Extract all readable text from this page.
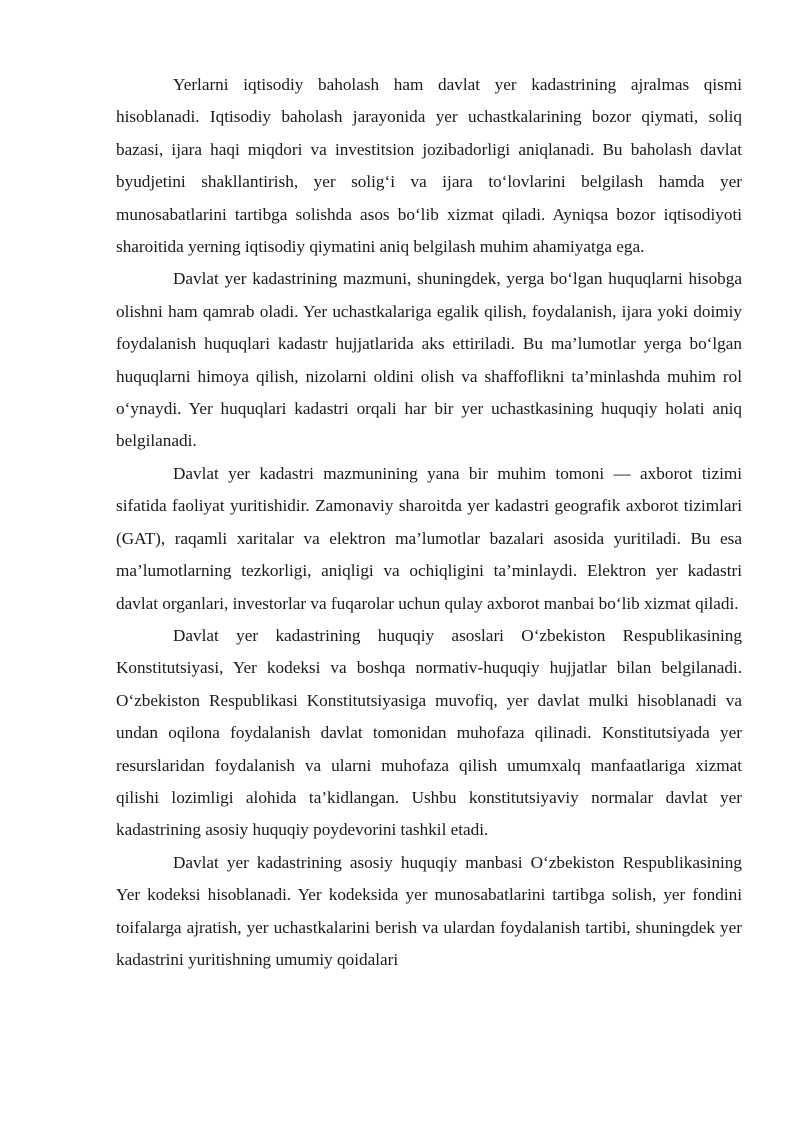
Yerlarni iqtisodiy baholash ham davlat yer kadastrining ajralmas qismi hisoblanadi. Iqtisodiy baholash jarayonida yer uchastkalarining bozor qiymati, soliq bazasi, ijara haqi miqdori va investitsion jozibadorligi aniqlanadi. Bu baholash davlat byudjetini shakllantirish, yer solig‘i va ijara to‘lovlarini belgilash hamda yer munosabatlarini tartibga solishda asos bo‘lib xizmat qiladi. Ayniqsa bozor iqtisodiyoti sharoitida yerning iqtisodiy qiymatini aniq belgilash muhim ahamiyatga ega.

Davlat yer kadastrining mazmuni, shuningdek, yerga bo‘lgan huquqlarni hisobga olishni ham qamrab oladi. Yer uchastkalariga egalik qilish, foydalanish, ijara yoki doimiy foydalanish huquqlari kadastr hujjatlarida aks ettiriladi. Bu ma’lumotlar yerga bo‘lgan huquqlarni himoya qilish, nizolarni oldini olish va shaffoflikni ta’minlashda muhim rol o‘ynaydi. Yer huquqlari kadastri orqali har bir yer uchastkasining huquqiy holati aniq belgilanadi.

Davlat yer kadastri mazmunining yana bir muhim tomoni — axborot tizimi sifatida faoliyat yuritishidir. Zamonaviy sharoitda yer kadastri geografik axborot tizimlari (GAT), raqamli xaritalar va elektron ma’lumotlar bazalari asosida yuritiladi. Bu esa ma’lumotlarning tezkorligi, aniqligi va ochiqligini ta’minlaydi. Elektron yer kadastri davlat organlari, investorlar va fuqarolar uchun qulay axborot manbai bo‘lib xizmat qiladi.

Davlat yer kadastrining huquqiy asoslari O‘zbekiston Respublikasining Konstitutsiyasi, Yer kodeksi va boshqa normativ-huquqiy hujjatlar bilan belgilanadi. O‘zbekiston Respublikasi Konstitutsiyasiga muvofiq, yer davlat mulki hisoblanadi va undan oqilona foydalanish davlat tomonidan muhofaza qilinadi. Konstitutsiyada yer resurslaridan foydalanish va ularni muhofaza qilish umumxalq manfaatlariga xizmat qilishi lozimligi alohida ta’kidlangan. Ushbu konstitutsiyaviy normalar davlat yer kadastrining asosiy huquqiy poydevorini tashkil etadi.

Davlat yer kadastrining asosiy huquqiy manbasi O‘zbekiston Respublikasining Yer kodeksi hisoblanadi. Yer kodeksida yer munosabatlarini tartibga solish, yer fondini toifalarga ajratish, yer uchastkalarini berish va ulardan foydalanish tartibi, shuningdek yer kadastrini yuritishning umumiy qoidalari
